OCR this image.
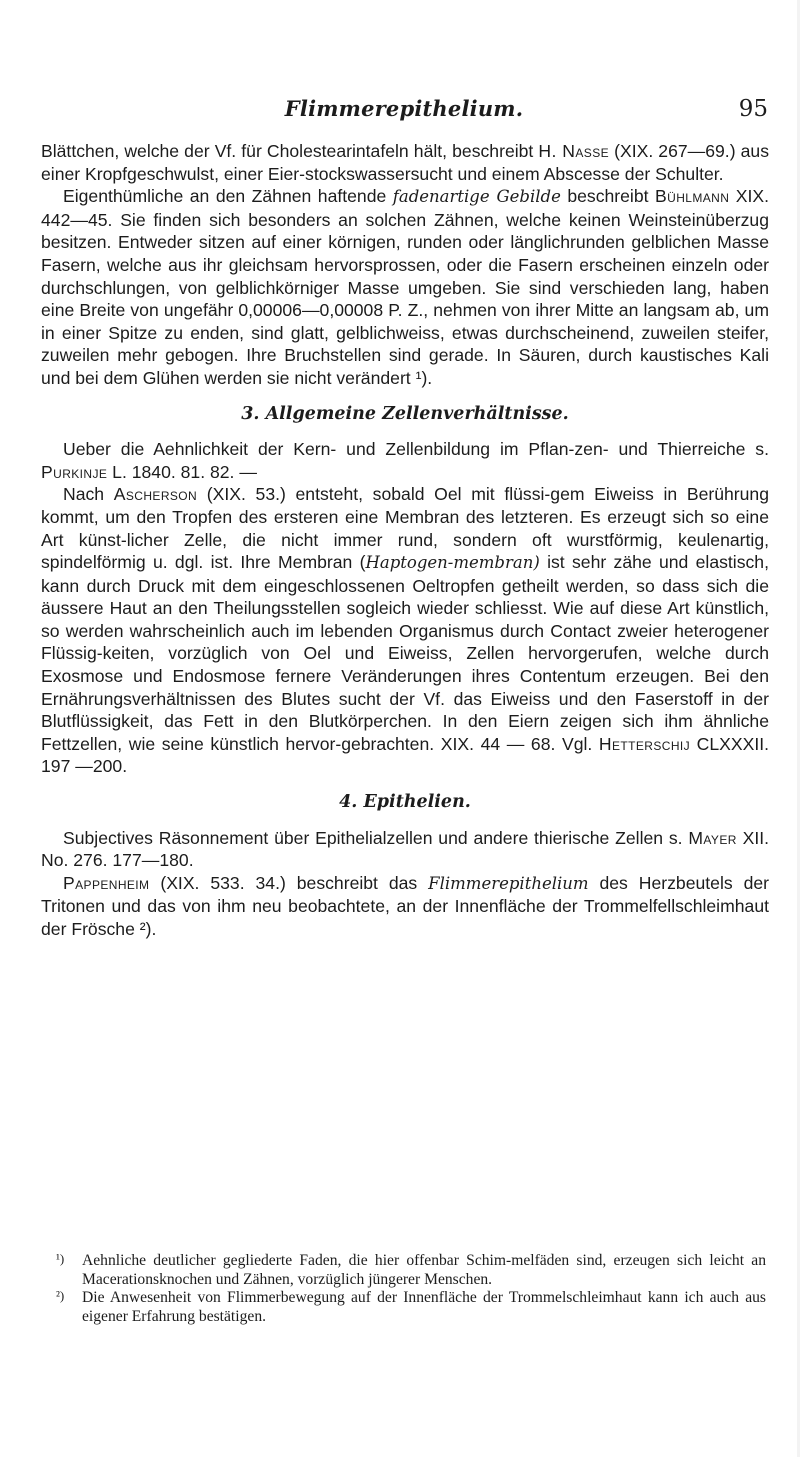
Flimmerepithelium.	95

Blättchen, welche der Vf. für Cholestearintafeln hält, beschreibt H. Nasse (XIX. 267—69.) aus einer Kropfgeschwulst, einer Eier-stockswassersucht und einem Abscesse der Schulter.

Eigenthümliche an den Zähnen haftende fadenartige Gebilde beschreibt Bühlmann XIX. 442—45. Sie finden sich besonders an solchen Zähnen, welche keinen Weinsteinüberzug besitzen. Entweder sitzen auf einer körnigen, runden oder länglichrunden gelblichen Masse Fasern, welche aus ihr gleichsam hervorsprossen, oder die Fasern erscheinen einzeln oder durchschlungen, von gelblichkörniger Masse umgeben. Sie sind verschieden lang, haben eine Breite von ungefähr 0,00006—0,00008 P. Z., nehmen von ihrer Mitte an langsam ab, um in einer Spitze zu enden, sind glatt, gelblichweiss, etwas durchscheinend, zuweilen steifer, zuweilen mehr gebogen. Ihre Bruchstellen sind gerade. In Säuren, durch kaustisches Kali und bei dem Glühen werden sie nicht verändert ¹).

3. Allgemeine Zellenverhältnisse.

Ueber die Aehnlichkeit der Kern- und Zellenbildung im Pflan-zen- und Thierreiche s. Purkinje L. 1840. 81. 82. —

Nach Ascherson (XIX. 53.) entsteht, sobald Oel mit flüssi-gem Eiweiss in Berührung kommt, um den Tropfen des ersteren eine Membran des letzteren. Es erzeugt sich so eine Art künst-licher Zelle, die nicht immer rund, sondern oft wurstförmig, keulenartig, spindelförmig u. dgl. ist. Ihre Membran (Haptogen-membran) ist sehr zähe und elastisch, kann durch Druck mit dem eingeschlossenen Oeltropfen getheilt werden, so dass sich die äussere Haut an den Theilungsstellen sogleich wieder schliesst. Wie auf diese Art künstlich, so werden wahrscheinlich auch im lebenden Organismus durch Contact zweier heterogener Flüssig-keiten, vorzüglich von Oel und Eiweiss, Zellen hervorgerufen, welche durch Exosmose und Endosmose fernere Veränderungen ihres Contentum erzeugen. Bei den Ernährungsverhältnissen des Blutes sucht der Vf. das Eiweiss und den Faserstoff in der Blutflüssigkeit, das Fett in den Blutkörperchen. In den Eiern zeigen sich ihm ähnliche Fettzellen, wie seine künstlich hervor-gebrachten. XIX. 44 — 68. Vgl. Hetterschij CLXXXII. 197 —200.

4. Epithelien.

Subjectives Räsonnement über Epithelialzellen und andere thierische Zellen s. Mayer XII. No. 276. 177—180.

Pappenheim (XIX. 533. 34.) beschreibt das Flimmerepithelium des Herzbeutels der Tritonen und das von ihm neu beobachtete, an der Innenfläche der Trommelfellschleimhaut der Frösche ²).

¹) Aehnliche deutlicher gegliederte Faden, die hier offenbar Schim-melfäden sind, erzeugen sich leicht an Macerationsknochen und Zähnen, vorzüglich jüngerer Menschen.

²) Die Anwesenheit von Flimmerbewegung auf der Innenfläche der Trommelschleimhaut kann ich auch aus eigener Erfahrung bestätigen.
